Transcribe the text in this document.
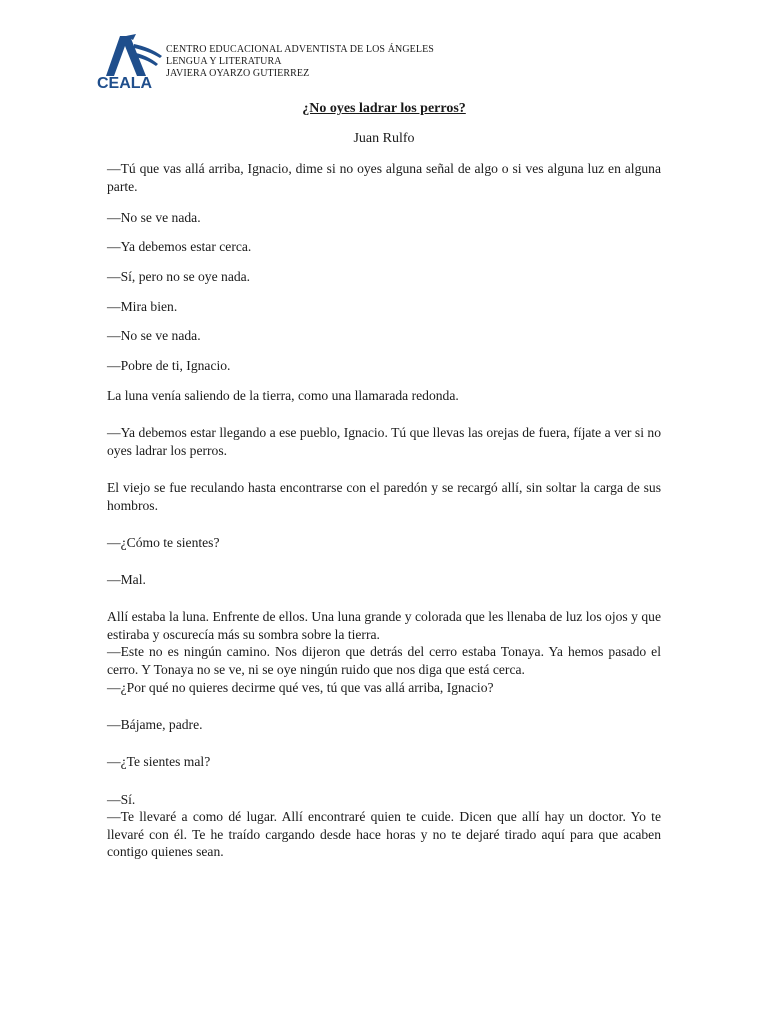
CEALA
CENTRO EDUCACIONAL ADVENTISTA DE LOS ÁNGELES
LENGUA Y LITERATURA
JAVIERA OYARZO GUTIERREZ
¿No oyes ladrar los perros?
Juan Rulfo

—Tú que vas allá arriba, Ignacio, dime si no oyes alguna señal de algo o si ves alguna luz en alguna parte.

—No se ve nada.

—Ya debemos estar cerca.

—Sí, pero no se oye nada.

—Mira bien.

—No se ve nada.

—Pobre de ti, Ignacio.

La luna venía saliendo de la tierra, como una llamarada redonda.

—Ya debemos estar llegando a ese pueblo, Ignacio. Tú que llevas las orejas de fuera, fíjate a ver si no oyes ladrar los perros.

El viejo se fue reculando hasta encontrarse con el paredón y se recargó allí, sin soltar la carga de sus hombros.

—¿Cómo te sientes?

—Mal.

Allí estaba la luna. Enfrente de ellos. Una luna grande y colorada que les llenaba de luz los ojos y que estiraba y oscurecía más su sombra sobre la tierra.

—Este no es ningún camino. Nos dijeron que detrás del cerro estaba Tonaya. Ya hemos pasado el cerro. Y Tonaya no se ve, ni se oye ningún ruido que nos diga que está cerca.

—¿Por qué no quieres decirme qué ves, tú que vas allá arriba, Ignacio?

—Bájame, padre.

—¿Te sientes mal?

—Sí.

—Te llevaré a como dé lugar. Allí encontraré quien te cuide. Dicen que allí hay un doctor. Yo te llevaré con él. Te he traído cargando desde hace horas y no te dejaré tirado aquí para que acaben contigo quienes sean.
